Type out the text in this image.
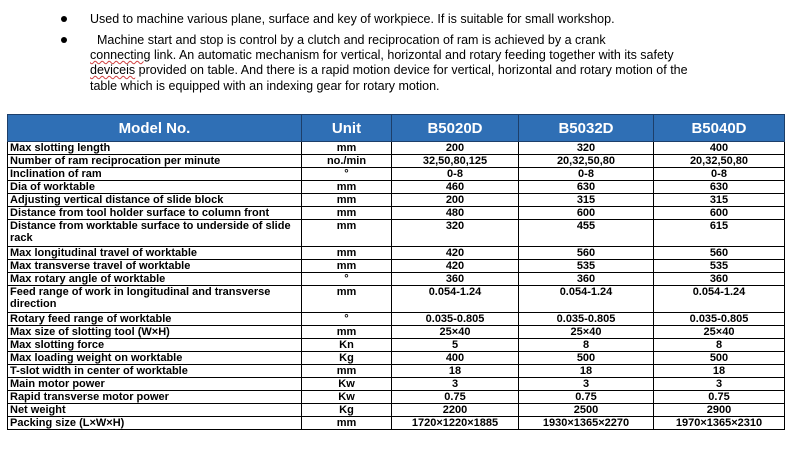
Used to machine various plane, surface and key of workpiece. If is suitable for small workshop.
Machine start and stop is control by a clutch and reciprocation of ram is achieved by a crank
connecting link. An automatic mechanism for vertical, horizontal and rotary feeding together with its safety
deviceis provided on table. And there is a rapid motion device for vertical, horizontal and rotary motion of the
table which is equipped with an indexing gear for rotary motion.
Model No.	Unit	B5020D	B5032D	B5040D
Max slotting length	mm	200	320	400
Number of ram reciprocation per minute	no./min	32,50,80,125	20,32,50,80	20,32,50,80
Inclination of ram	°	0-8	0-8	0-8
Dia of worktable	mm	460	630	630
Adjusting vertical distance of slide block	mm	200	315	315
Distance from tool holder surface to column front	mm	480	600	600
Distance from worktable surface to underside of slide rack	mm	320	455	615
Max longitudinal travel of worktable	mm	420	560	560
Max transverse travel of worktable	mm	420	535	535
Max rotary angle of worktable	°	360	360	360
Feed range of work in longitudinal and transverse direction	mm	0.054-1.24	0.054-1.24	0.054-1.24
Rotary feed range of worktable	°	0.035-0.805	0.035-0.805	0.035-0.805
Max size of slotting tool (W×H)	mm	25×40	25×40	25×40
Max slotting force	Kn	5	8	8
Max loading weight on worktable	Kg	400	500	500
T-slot width in center of worktable	mm	18	18	18
Main motor power	Kw	3	3	3
Rapid transverse motor power	Kw	0.75	0.75	0.75
Net weight	Kg	2200	2500	2900
Packing size (L×W×H)	mm	1720×1220×1885	1930×1365×2270	1970×1365×2310
